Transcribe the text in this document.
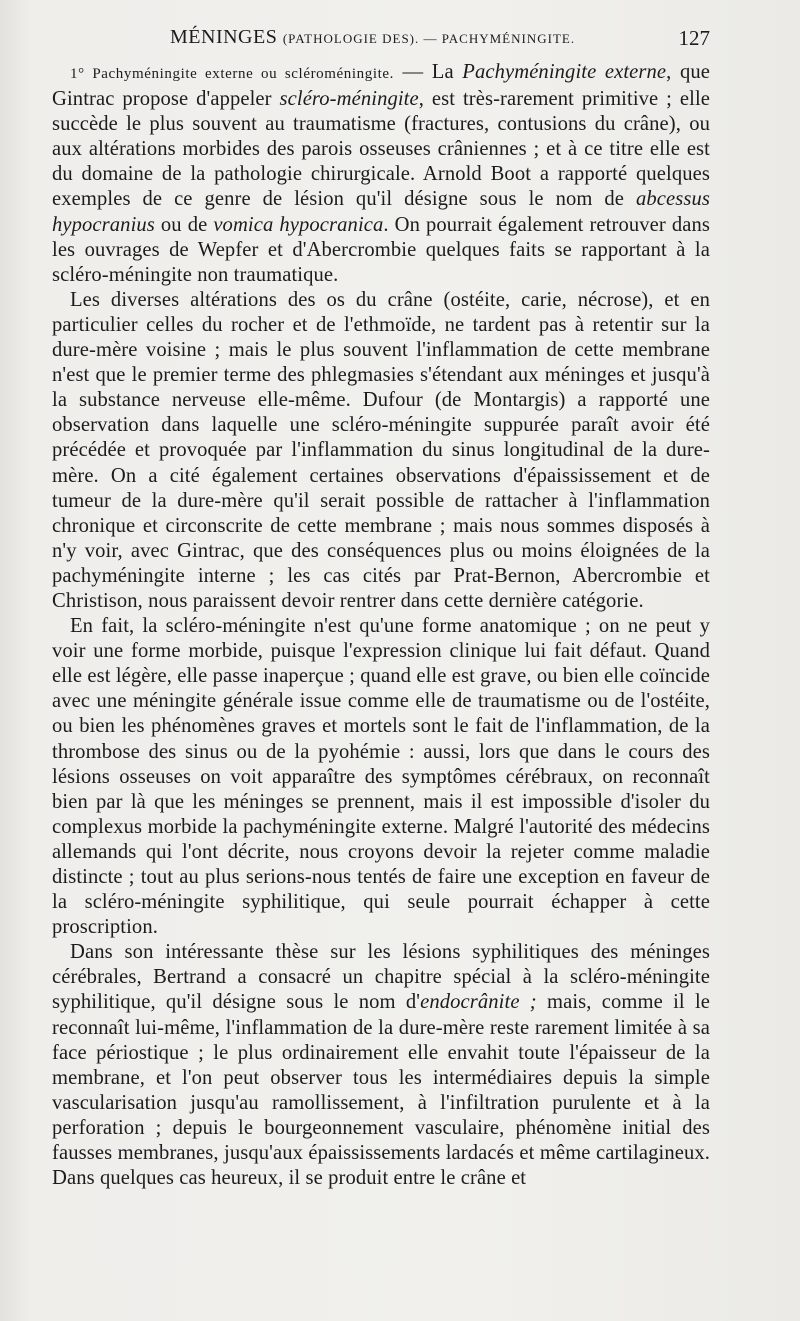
MÉNINGES (PATHOLOGIE DES). — PACHYMÉNINGITE.	127

1° Pachyméningite externe ou scléroméningite. — La Pachyméningite externe, que Gintrac propose d'appeler scléro-méningite, est très-rarement primitive ; elle succède le plus souvent au traumatisme (fractures, contusions du crâne), ou aux altérations morbides des parois osseuses crâniennes ; et à ce titre elle est du domaine de la pathologie chirurgicale. Arnold Boot a rapporté quelques exemples de ce genre de lésion qu'il désigne sous le nom de abcessus hypocranius ou de vomica hypocranica. On pourrait également retrouver dans les ouvrages de Wepfer et d'Abercrombie quelques faits se rapportant à la scléro-méningite non traumatique.

Les diverses altérations des os du crâne (ostéite, carie, nécrose), et en particulier celles du rocher et de l'ethmoïde, ne tardent pas à retentir sur la dure-mère voisine ; mais le plus souvent l'inflammation de cette membrane n'est que le premier terme des phlegmasies s'étendant aux méninges et jusqu'à la substance nerveuse elle-même. Dufour (de Montargis) a rapporté une observation dans laquelle une scléro-méningite suppurée paraît avoir été précédée et provoquée par l'inflammation du sinus longitudinal de la dure-mère. On a cité également certaines observations d'épaississement et de tumeur de la dure-mère qu'il serait possible de rattacher à l'inflammation chronique et circonscrite de cette membrane ; mais nous sommes disposés à n'y voir, avec Gintrac, que des conséquences plus ou moins éloignées de la pachyméningite interne ; les cas cités par Prat-Bernon, Abercrombie et Christison, nous paraissent devoir rentrer dans cette dernière catégorie.

En fait, la scléro-méningite n'est qu'une forme anatomique ; on ne peut y voir une forme morbide, puisque l'expression clinique lui fait défaut. Quand elle est légère, elle passe inaperçue ; quand elle est grave, ou bien elle coïncide avec une méningite générale issue comme elle de traumatisme ou de l'ostéite, ou bien les phénomènes graves et mortels sont le fait de l'inflammation, de la thrombose des sinus ou de la pyohémie : aussi, lors que dans le cours des lésions osseuses on voit apparaître des symptômes cérébraux, on reconnaît bien par là que les méninges se prennent, mais il est impossible d'isoler du complexus morbide la pachyméningite externe. Malgré l'autorité des médecins allemands qui l'ont décrite, nous croyons devoir la rejeter comme maladie distincte ; tout au plus serions-nous tentés de faire une exception en faveur de la scléro-méningite syphilitique, qui seule pourrait échapper à cette proscription.

Dans son intéressante thèse sur les lésions syphilitiques des méninges cérébrales, Bertrand a consacré un chapitre spécial à la scléro-méningite syphilitique, qu'il désigne sous le nom d'endocrânite ; mais, comme il le reconnaît lui-même, l'inflammation de la dure-mère reste rarement limitée à sa face périostique ; le plus ordinairement elle envahit toute l'épaisseur de la membrane, et l'on peut observer tous les intermédiaires depuis la simple vascularisation jusqu'au ramollissement, à l'infiltration purulente et à la perforation ; depuis le bourgeonnement vasculaire, phénomène initial des fausses membranes, jusqu'aux épaississements lardacés et même cartilagineux. Dans quelques cas heureux, il se produit entre le crâne et
